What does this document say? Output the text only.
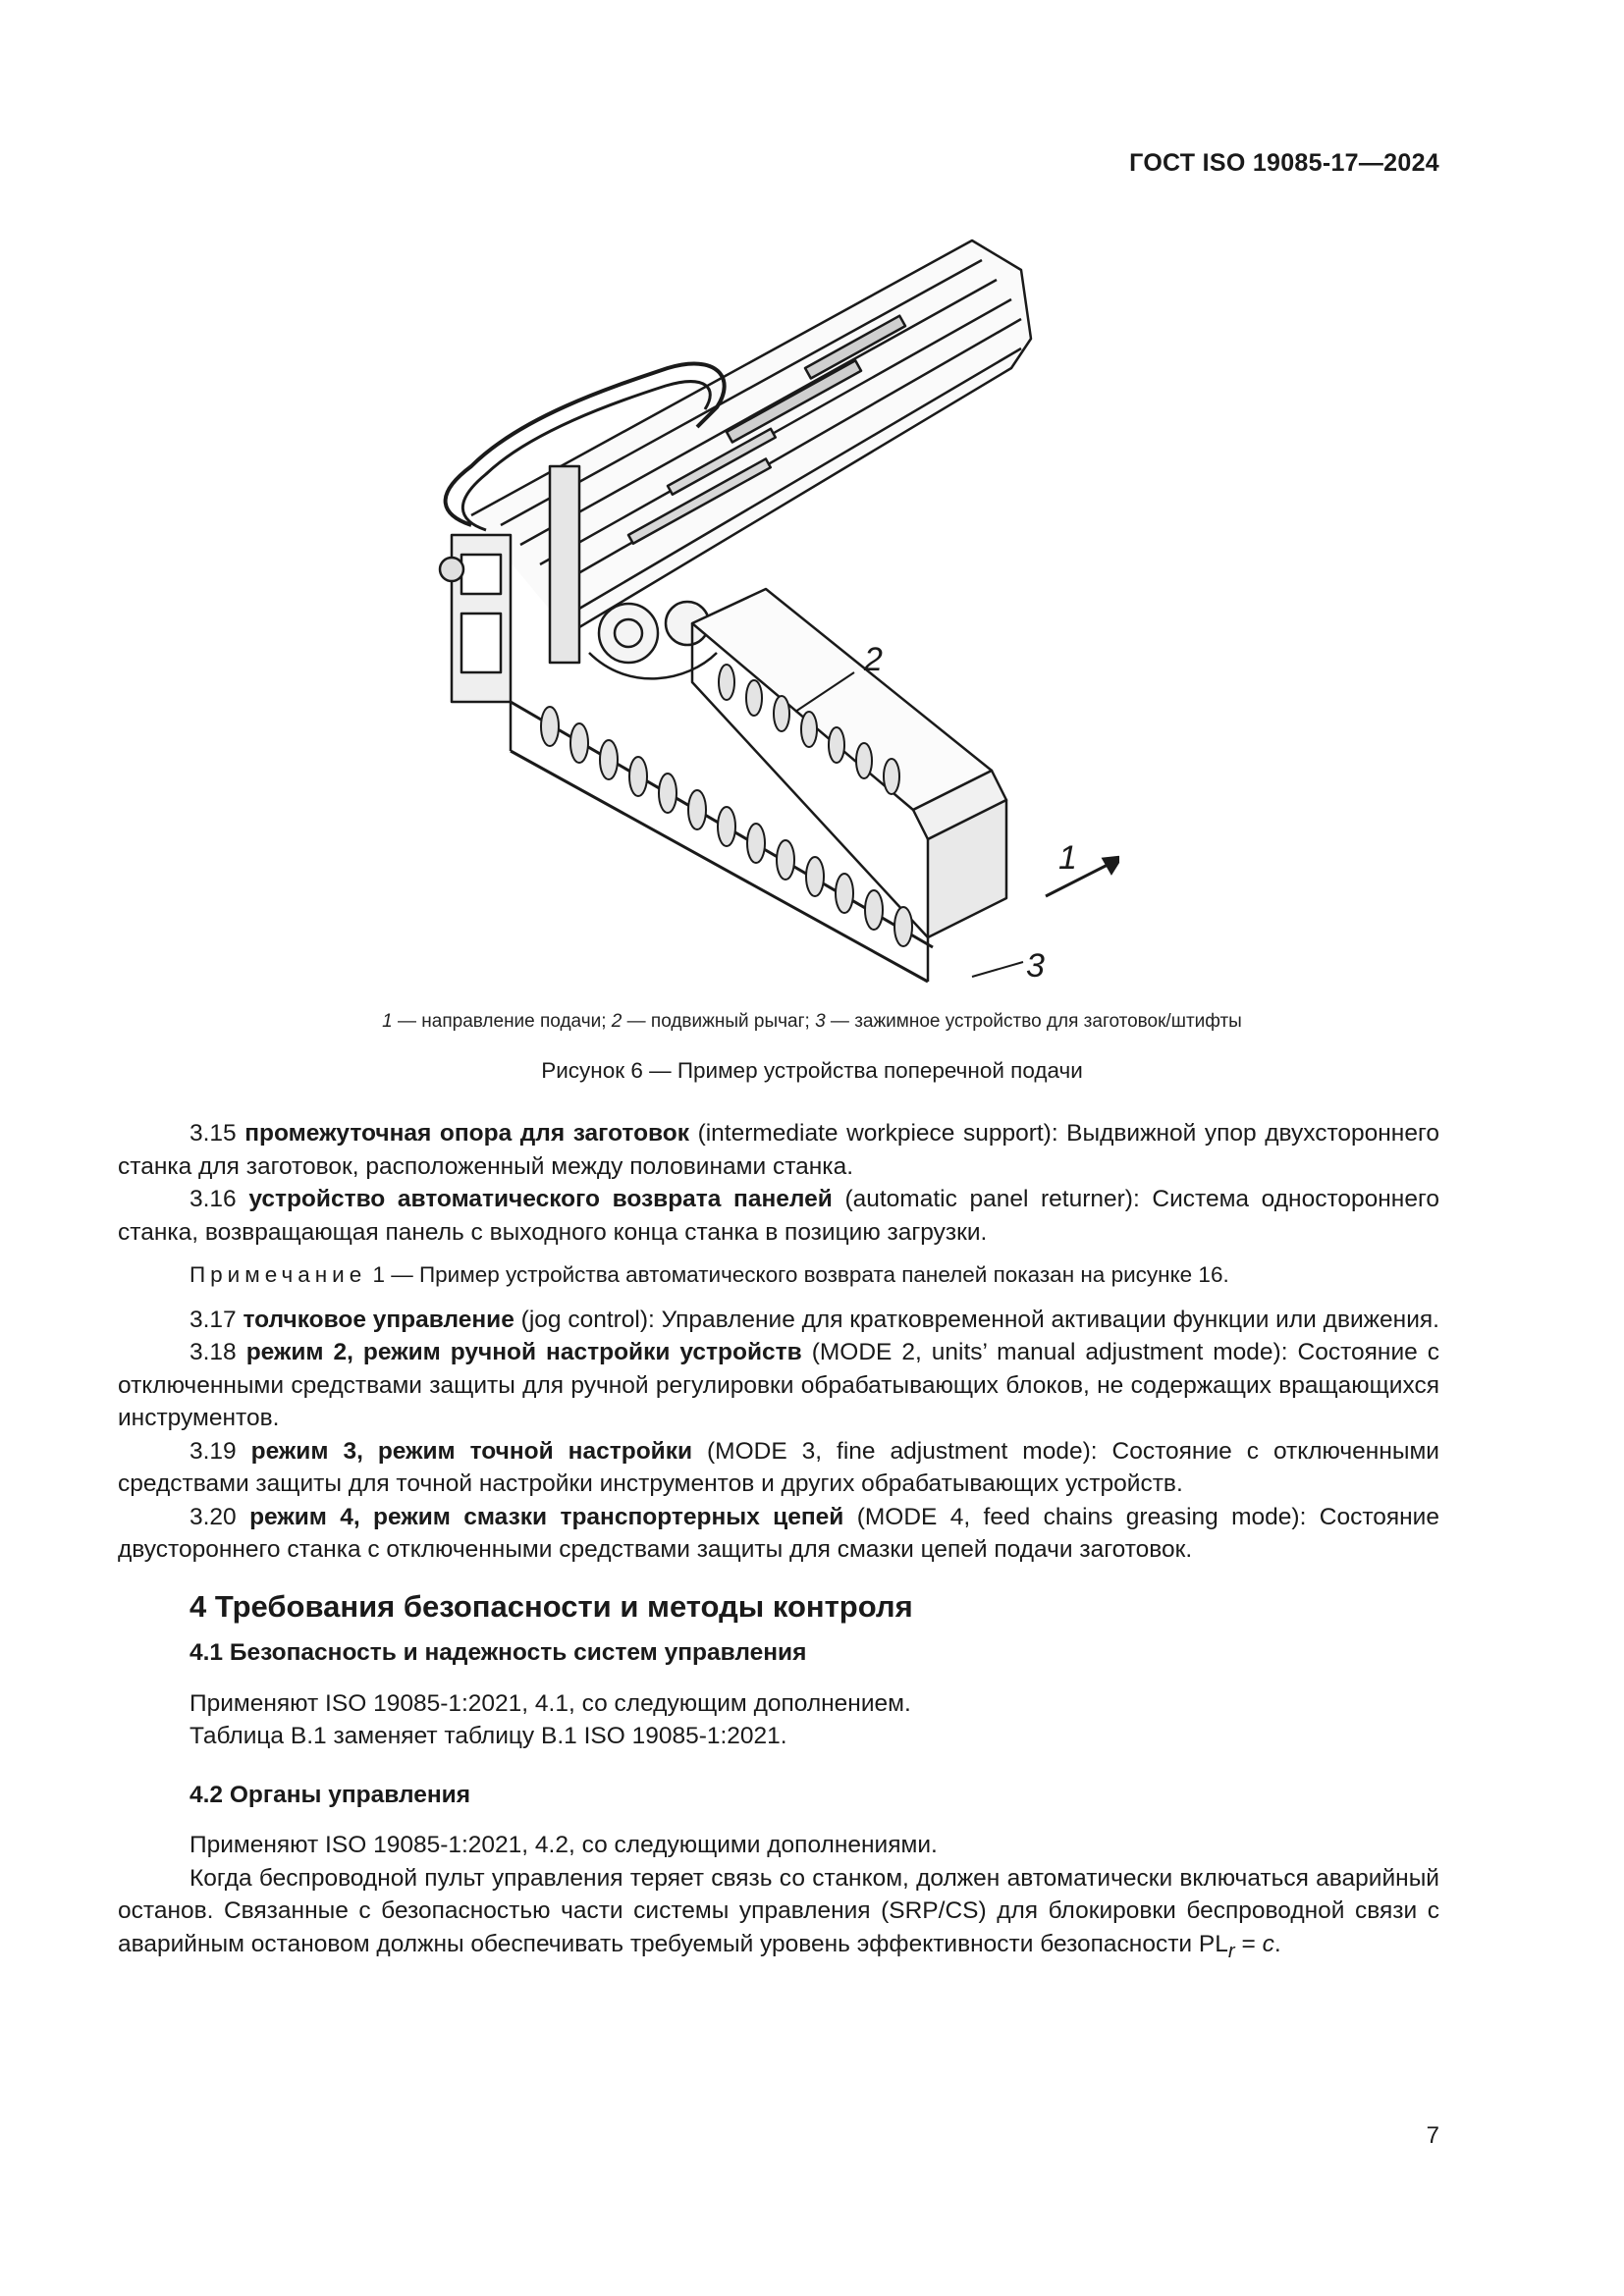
ГОСТ ISO 19085-17—2024
1
2
3
1 — направление подачи; 2 — подвижный рычаг; 3 — зажимное устройство для заготовок/штифты
Рисунок 6 — Пример устройства поперечной подачи

3.15 промежуточная опора для заготовок (intermediate workpiece support): Выдвижной упор двухстороннего станка для заготовок, расположенный между половинами станка.

3.16 устройство автоматического возврата панелей (automatic panel returner): Система одностороннего станка, возвращающая панель с выходного конца станка в позицию загрузки.

Примечание 1 — Пример устройства автоматического возврата панелей показан на рисунке 16.

3.17 толчковое управление (jog control): Управление для кратковременной активации функции или движения.

3.18 режим 2, режим ручной настройки устройств (MODE 2, units’ manual adjustment mode): Состояние с отключенными средствами защиты для ручной регулировки обрабатывающих блоков, не содержащих вращающихся инструментов.

3.19 режим 3, режим точной настройки (MODE 3, fine adjustment mode): Состояние с отключенными средствами защиты для точной настройки инструментов и других обрабатывающих устройств.

3.20 режим 4, режим смазки транспортерных цепей (MODE 4, feed chains greasing mode): Состояние двустороннего станка с отключенными средствами защиты для смазки цепей подачи заготовок.

4 Требования безопасности и методы контроля

4.1 Безопасность и надежность систем управления

Применяют ISO 19085-1:2021, 4.1, со следующим дополнением.

Таблица B.1 заменяет таблицу B.1 ISO 19085-1:2021.

4.2 Органы управления

Применяют ISO 19085-1:2021, 4.2, со следующими дополнениями.

Когда беспроводной пульт управления теряет связь со станком, должен автоматически включаться аварийный останов. Связанные с безопасностью части системы управления (SRP/CS) для блокировки беспроводной связи с аварийным остановом должны обеспечивать требуемый уровень эффективности безопасности $PL_r = c$.

7
